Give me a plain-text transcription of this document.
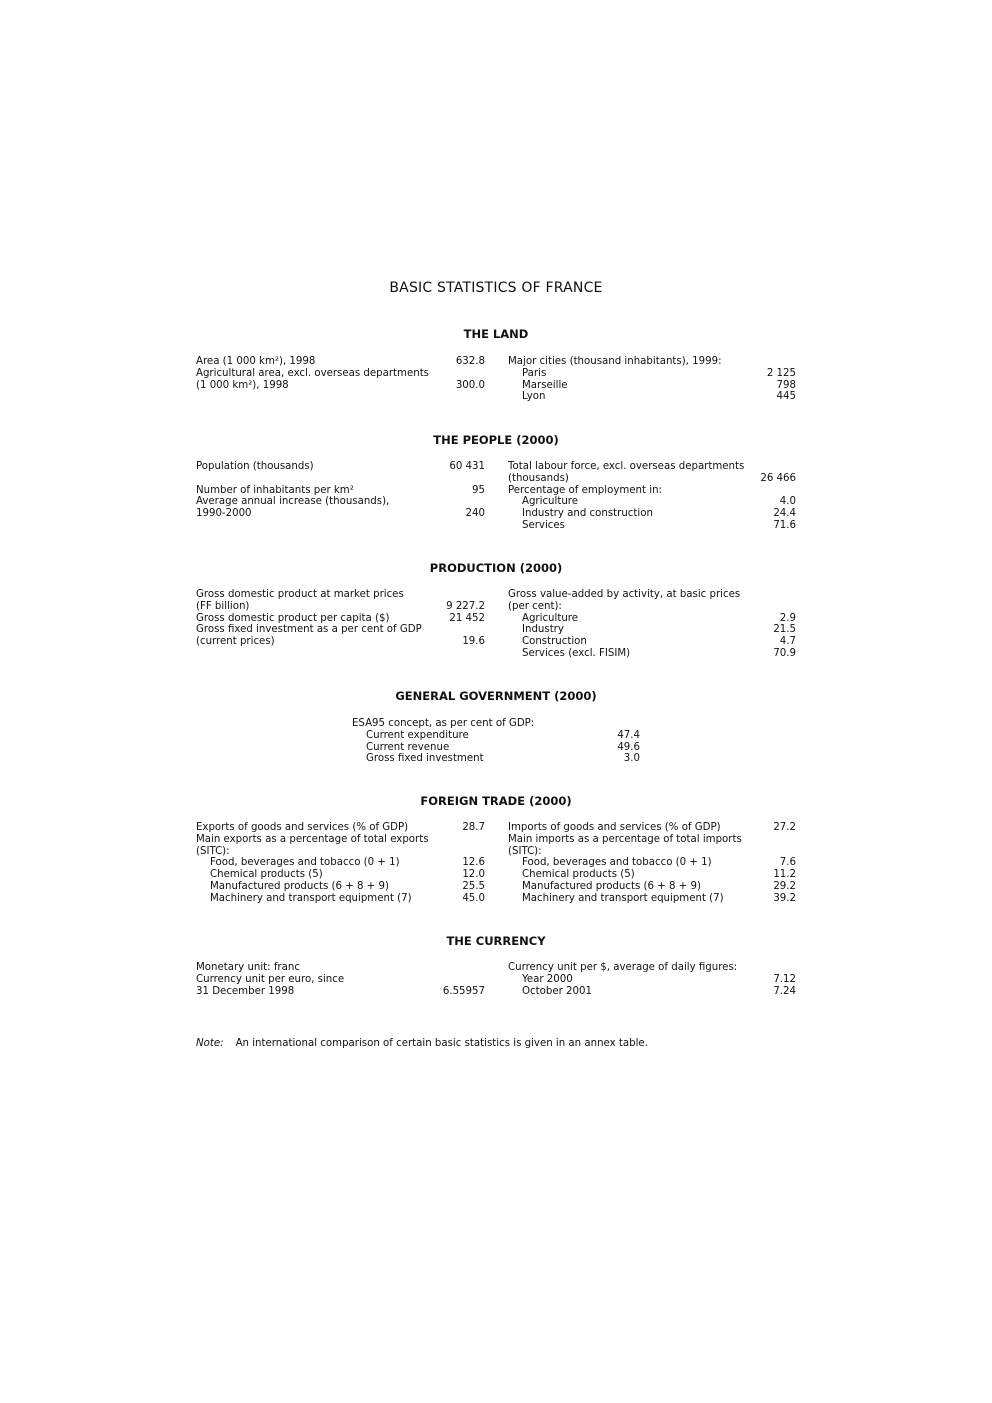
BASIC STATISTICS OF FRANCE
THE LAND
Area (1 000 km²), 1998	632.8
Agricultural area, excl. overseas departments
(1 000 km²), 1998	300.0
Major cities (thousand inhabitants), 1999:
Paris	2 125
Marseille	798
Lyon	445
THE PEOPLE (2000)
Population (thousands)	60 431
Number of inhabitants per km²	95
Average annual increase (thousands),
1990-2000	240
Total labour force, excl. overseas departments
(thousands)	26 466
Percentage of employment in:
Agriculture	4.0
Industry and construction	24.4
Services	71.6
PRODUCTION (2000)
Gross domestic product at market prices
(FF billion)	9 227.2
Gross domestic product per capita ($)	21 452
Gross fixed investment as a per cent of GDP
(current prices)	19.6
Gross value-added by activity, at basic prices
(per cent):
Agriculture	2.9
Industry	21.5
Construction	4.7
Services (excl. FISIM)	70.9
GENERAL GOVERNMENT (2000)
ESA95 concept, as per cent of GDP:
Current expenditure	47.4
Current revenue	49.6
Gross fixed investment	3.0
FOREIGN TRADE (2000)
Exports of goods and services (% of GDP)	28.7
Main exports as a percentage of total exports
(SITC):
Food, beverages and tobacco (0 + 1)	12.6
Chemical products (5)	12.0
Manufactured products (6 + 8 + 9)	25.5
Machinery and transport equipment (7)	45.0
Imports of goods and services (% of GDP)	27.2
Main imports as a percentage of total imports
(SITC):
Food, beverages and tobacco (0 + 1)	7.6
Chemical products (5)	11.2
Manufactured products (6 + 8 + 9)	29.2
Machinery and transport equipment (7)	39.2
THE CURRENCY
Monetary unit: franc
Currency unit per euro, since
31 December 1998	6.55957
Currency unit per $, average of daily figures:
Year 2000	7.12
October 2001	7.24
Note: An international comparison of certain basic statistics is given in an annex table.
